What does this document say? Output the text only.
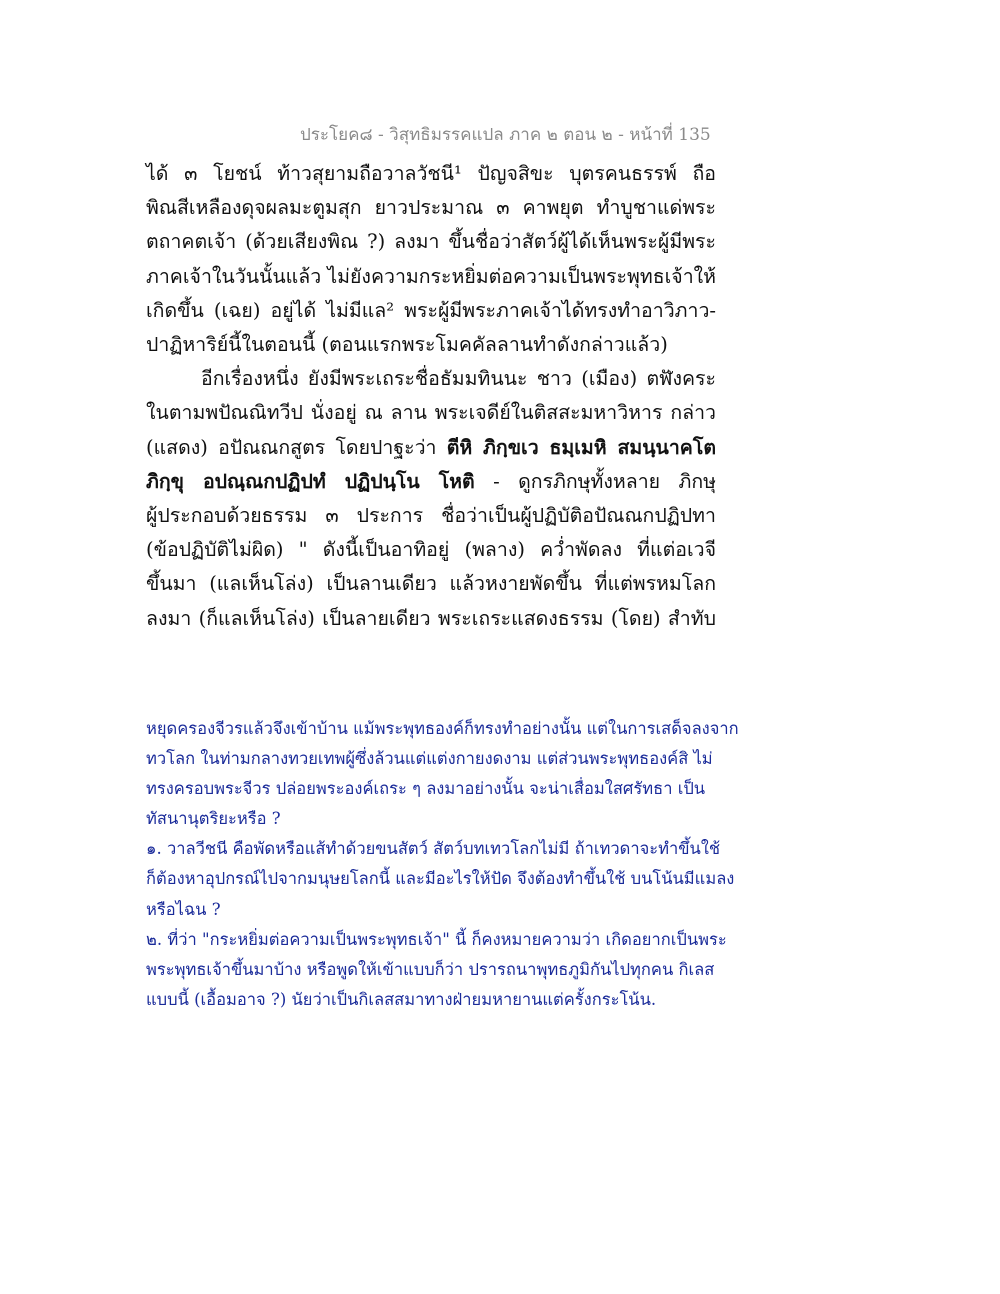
ประโยค๘ - วิสุทธิมรรคแปล ภาค ๒ ตอน ๒ - หน้าที่ 135
ได้ ๓ โยชน์ ท้าวสุยามถือวาลวัชนี¹ ปัญจสิขะ บุตรคนธรรพ์ ถือ
พิณสีเหลืองดุจผลมะตูมสุก ยาวประมาณ ๓ คาพยุต ทำบูชาแด่พระ
ตถาคตเจ้า (ด้วยเสียงพิณ ?) ลงมา ขึ้นชื่อว่าสัตว์ผู้ได้เห็นพระผู้มีพระ
ภาคเจ้าในวันนั้นแล้ว ไม่ยังความกระหยิ่มต่อความเป็นพระพุทธเจ้าให้
เกิดขึ้น (เฉย) อยู่ได้ ไม่มีแล² พระผู้มีพระภาคเจ้าได้ทรงทำอาวิภาว-
ปาฏิหาริย์นี้ในตอนนี้ (ตอนแรกพระโมคคัลลานทำดังกล่าวแล้ว)
อีกเรื่องหนึ่ง ยังมีพระเถระชื่อธัมมทินนะ ชาว (เมือง) ตฬังคระ
ในตามพปัณณิทวีป นั่งอยู่ ณ ลาน พระเจดีย์ในติสสะมหาวิหาร กล่าว
(แสดง) อปัณณกสูตร โดยปาฐะว่า ตีหิ ภิกฺขเว ธมฺเมหิ สมนฺนาคโต
ภิกฺขุ อปณฺณกปฏิปทํ ปฏิปนฺโน โหติ - ดูกรภิกษุทั้งหลาย ภิกษุ
ผู้ประกอบด้วยธรรม ๓ ประการ ชื่อว่าเป็นผู้ปฏิบัติอปัณณกปฏิปทา
(ข้อปฏิบัติไม่ผิด) " ดังนี้เป็นอาทิอยู่ (พลาง) คว่ำพัดลง ที่แต่อเวจี
ขึ้นมา (แลเห็นโล่ง) เป็นลานเดียว แล้วหงายพัดขึ้น ที่แต่พรหมโลก
ลงมา (ก็แลเห็นโล่ง) เป็นลายเดียว พระเถระแสดงธรรม (โดย) สำทับ
หยุดครองจีวรแล้วจึงเข้าบ้าน แม้พระพุทธองค์ก็ทรงทำอย่างนั้น แต่ในการเสด็จลงจาก
ทวโลก ในท่ามกลางทวยเทพผู้ซึ่งล้วนแต่แต่งกายงดงาม แต่ส่วนพระพุทธองค์สิ ไม่
ทรงครอบพระจีวร ปล่อยพระองค์เถระ ๆ ลงมาอย่างนั้น จะน่าเสื่อมใสศรัทธา เป็น
ทัสนานุตริยะหรือ ?
๑. วาลวีชนี คือพัดหรือแส้ทำด้วยขนสัตว์ สัตว์บทเทวโลกไม่มี ถ้าเทวดาจะทำขึ้นใช้
ก็ต้องหาอุปกรณ์ไปจากมนุษยโลกนี้ และมีอะไรให้ปัด จึงต้องทำขึ้นใช้ บนโน้นมีแมลง
หรือไฉน ?
๒. ที่ว่า "กระหยิ่มต่อความเป็นพระพุทธเจ้า" นี้ ก็คงหมายความว่า เกิดอยากเป็นพระ
พระพุทธเจ้าขึ้นมาบ้าง หรือพูดให้เข้าแบบก็ว่า ปรารถนาพุทธภูมิกันไปทุกคน กิเลส
แบบนี้ (เอื้อมอาจ ?) นัยว่าเป็นกิเลสสมาทางฝ่ายมหายานแต่ครั้งกระโน้น.
